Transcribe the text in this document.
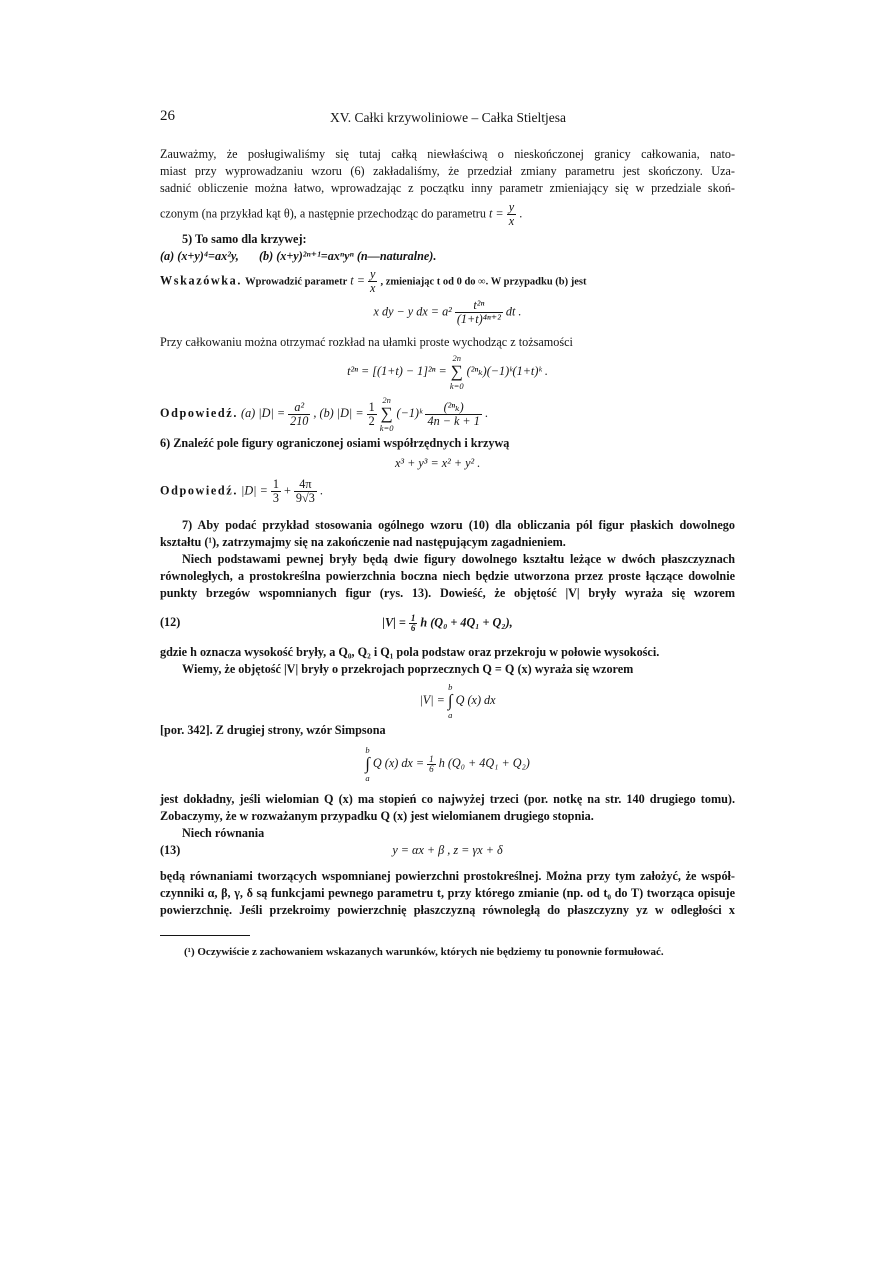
26	XV. Całki krzywoliniowe – Całka Stieltjesa

Zauważmy, że posługiwaliśmy się tutaj całką niewłaściwą o nieskończonej granicy całkowania, nato-

miast przy wyprowadzaniu wzoru (6) zakładaliśmy, że przedział zmiany parametru jest skończony. Uza-

sadnić obliczenie można łatwo, wprowadzając z początku inny parametr zmieniający się w przedziale skoń-

czonym (na przykład kąt θ), a następnie przechodząc do parametru $t = \frac{y}{x}$ .

5) To samo dla krzywej:

(a) (x+y)⁴=ax²y, (b) (x+y)²ⁿ⁺¹=axⁿyⁿ (n—naturalne).

Wskazówka. Wprowadzić parametr $t = \frac{y}{x}$ , zmieniając t od 0 do ∞. W przypadku (b) jest

x dy − y dx = $a^2 \frac{\text{t²ⁿ}}{\text{(1+t)⁴ⁿ⁺²}}$ dt .

Przy całkowaniu można otrzymać rozkład na ułamki proste wychodząc z tożsamości

t²ⁿ = [(1+t) − 1]²ⁿ =
2n
∑
k=0
(²ⁿₖ)(−1)ᵏ(1+t)ᵏ .

Odpowiedź. (a) $|D| = \frac{\text{a²}}{210}$ , (b) $|D| = \frac{1}{2}$

2n
∑
k=0
(−1)ᵏ $\frac{\text{(²ⁿₖ)}}{4n - k + 1}$ .

6) Znaleźć pole figury ograniczonej osiami współrzędnych i krzywą

x³ + y³ = x² + y² .

Odpowiedź. $|D| = \frac{1}{3} + \frac{4\pi}{9√3}$ .

7) Aby podać przykład stosowania ogólnego wzoru (10) dla obliczania pól figur płaskich dowolnego

kształtu (¹), zatrzymajmy się na zakończenie nad następującym zagadnieniem.

Niech podstawami pewnej bryły będą dwie figury dowolnego kształtu leżące w dwóch płaszczyznach

równoległych, a prostokreślna powierzchnia boczna niech będzie utworzona przez proste łączące dowolnie

punkty brzegów wspomnianych figur (rys. 13). Dowieść, że objętość |V| bryły wyraża się wzorem

(12)	$|V| = \frac{1}{6}$ h (Q₀ + 4Q₁ + Q₂),

gdzie h oznacza wysokość bryły, a Q₀, Q₂ i Q₁ pola podstaw oraz przekroju w połowie wysokości.

Wiemy, że objętość |V| bryły o przekrojach poprzecznych Q = Q (x) wyraża się wzorem

|V| =
b
∫
a
Q (x) dx

[por. 342]. Z drugiej strony, wzór Simpsona

b
∫
a
Q (x) dx = $\frac{1}{6}$ h (Q₀ + 4Q₁ + Q₂)

jest dokładny, jeśli wielomian Q (x) ma stopień co najwyżej trzeci (por. notkę na str. 140 drugiego tomu).

Zobaczymy, że w rozważanym przypadku Q (x) jest wielomianem drugiego stopnia.

Niech równania

(13)	y = αx + β , z = γx + δ

będą równaniami tworzących wspomnianej powierzchni prostokreślnej. Można przy tym założyć, że współ-

czynniki α, β, γ, δ są funkcjami pewnego parametru t, przy którego zmianie (np. od t₀ do T) tworząca opisuje

powierzchnię. Jeśli przekroimy powierzchnię płaszczyzną równoległą do płaszczyzny yz w odległości x

(¹) Oczywiście z zachowaniem wskazanych warunków, których nie będziemy tu ponownie formułować.
